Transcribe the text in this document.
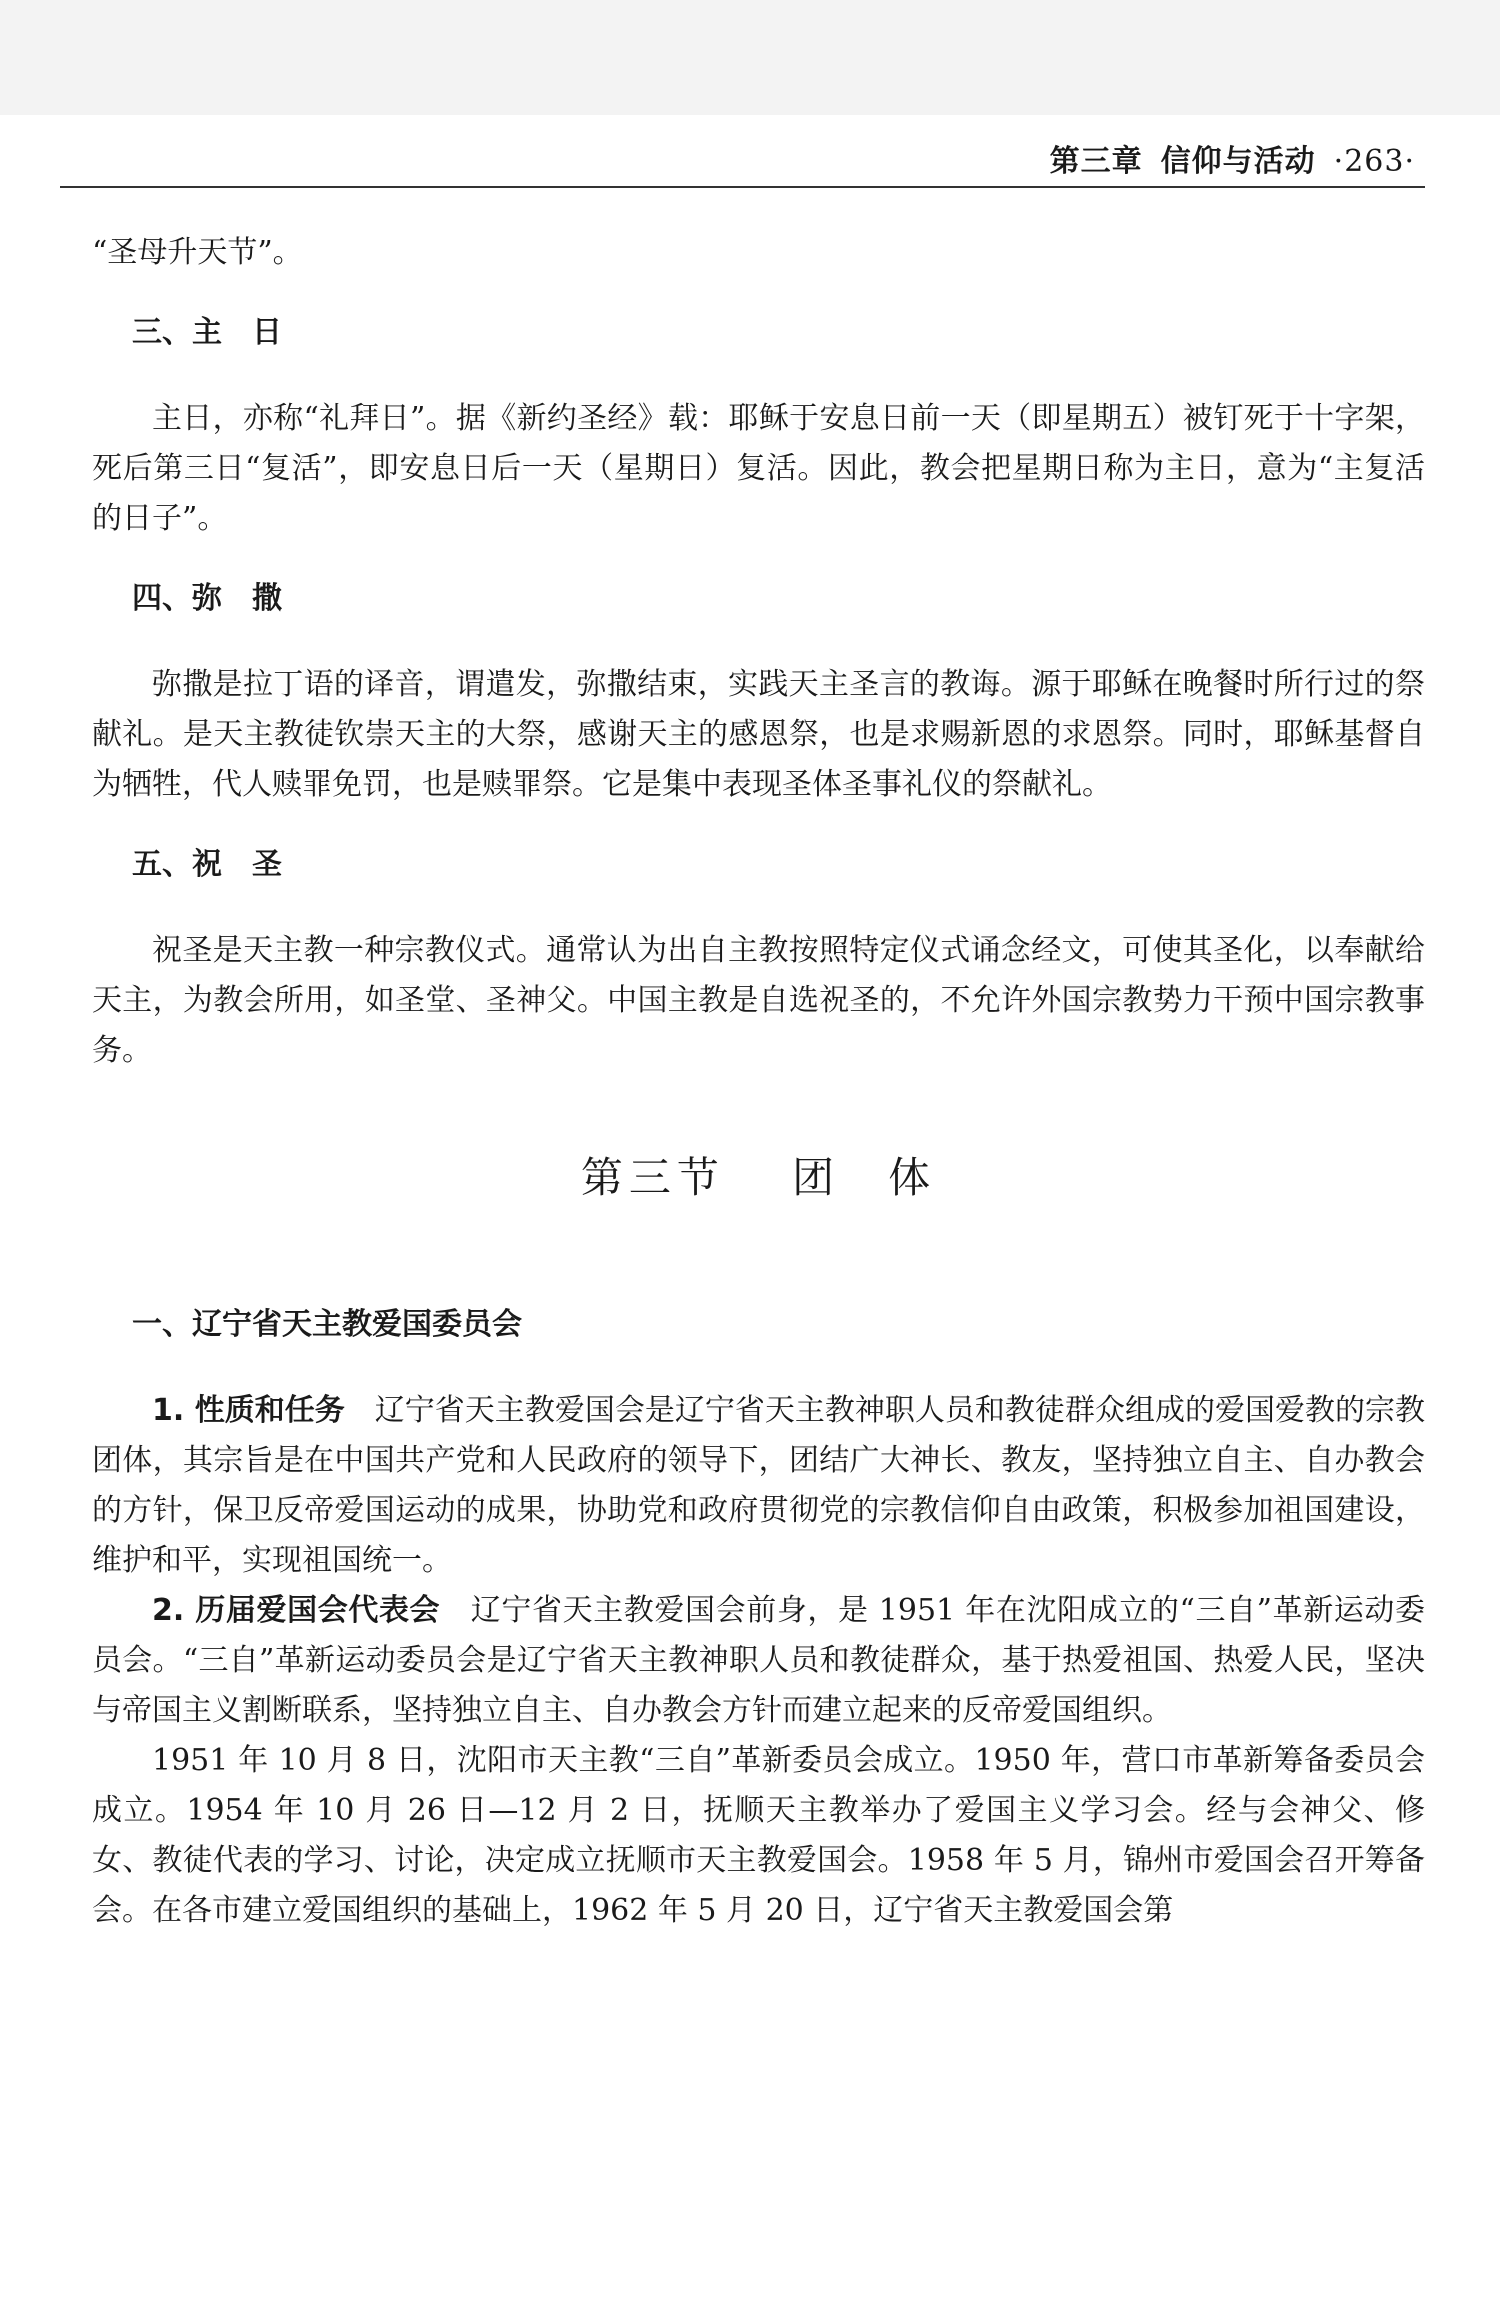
第三章 信仰与活动 ·263·

“圣母升天节”。

三、主　日

主日，亦称“礼拜日”。据《新约圣经》载：耶稣于安息日前一天（即星期五）被钉死于十字架，死后第三日“复活”，即安息日后一天（星期日）复活。因此，教会把星期日称为主日，意为“主复活的日子”。

四、弥　撒

弥撒是拉丁语的译音，谓遣发，弥撒结束，实践天主圣言的教诲。源于耶稣在晚餐时所行过的祭献礼。是天主教徒钦崇天主的大祭，感谢天主的感恩祭，也是求赐新恩的求恩祭。同时，耶稣基督自为牺牲，代人赎罪免罚，也是赎罪祭。它是集中表现圣体圣事礼仪的祭献礼。

五、祝　圣

祝圣是天主教一种宗教仪式。通常认为出自主教按照特定仪式诵念经文，可使其圣化，以奉献给天主，为教会所用，如圣堂、圣神父。中国主教是自选祝圣的，不允许外国宗教势力干预中国宗教事务。

第三节　 团　体

一、辽宁省天主教爱国委员会

1. 性质和任务　 辽宁省天主教爱国会是辽宁省天主教神职人员和教徒群众组成的爱国爱教的宗教团体，其宗旨是在中国共产党和人民政府的领导下，团结广大神长、教友，坚持独立自主、自办教会的方针，保卫反帝爱国运动的成果，协助党和政府贯彻党的宗教信仰自由政策，积极参加祖国建设，维护和平，实现祖国统一。

2. 历届爱国会代表会　 辽宁省天主教爱国会前身，是 1951 年在沈阳成立的“三自”革新运动委员会。“三自”革新运动委员会是辽宁省天主教神职人员和教徒群众，基于热爱祖国、热爱人民，坚决与帝国主义割断联系，坚持独立自主、自办教会方针而建立起来的反帝爱国组织。

1951 年 10 月 8 日，沈阳市天主教“三自”革新委员会成立。1950 年，营口市革新筹备委员会成立。1954 年 10 月 26 日—12 月 2 日，抚顺天主教举办了爱国主义学习会。经与会神父、修女、教徒代表的学习、讨论，决定成立抚顺市天主教爱国会。1958 年 5 月，锦州市爱国会召开筹备会。在各市建立爱国组织的基础上，1962 年 5 月 20 日，辽宁省天主教爱国会第
